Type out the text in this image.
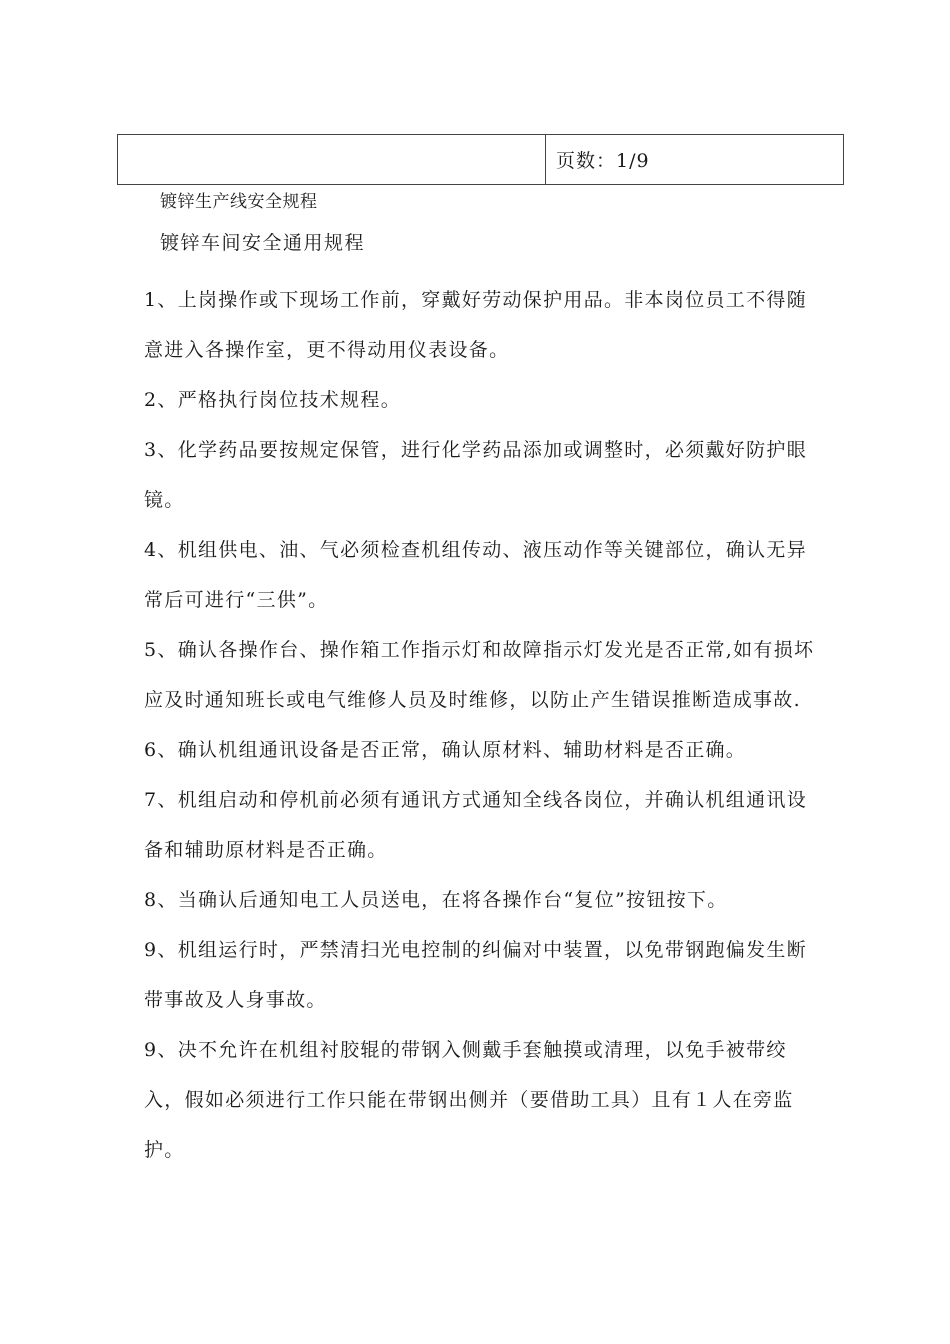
页数：1/9
镀锌生产线安全规程
镀锌车间安全通用规程

1、上岗操作或下现场工作前，穿戴好劳动保护用品。非本岗位员工不得随意进入各操作室，更不得动用仪表设备。

2、严格执行岗位技术规程。

3、化学药品要按规定保管，进行化学药品添加或调整时，必须戴好防护眼镜。

4、机组供电、油、气必须检查机组传动、液压动作等关键部位，确认无异常后可进行“三供”。

5、确认各操作台、操作箱工作指示灯和故障指示灯发光是否正常,如有损坏应及时通知班长或电气维修人员及时维修，以防止产生错误推断造成事故.

6、确认机组通讯设备是否正常，确认原材料、辅助材料是否正确。

7、机组启动和停机前必须有通讯方式通知全线各岗位，并确认机组通讯设备和辅助原材料是否正确。

8、当确认后通知电工人员送电，在将各操作台“复位”按钮按下。

9、机组运行时，严禁清扫光电控制的纠偏对中装置，以免带钢跑偏发生断带事故及人身事故。

9、决不允许在机组衬胶辊的带钢入侧戴手套触摸或清理，以免手被带绞入，假如必须进行工作只能在带钢出侧并（要借助工具）且有１人在旁监护。
